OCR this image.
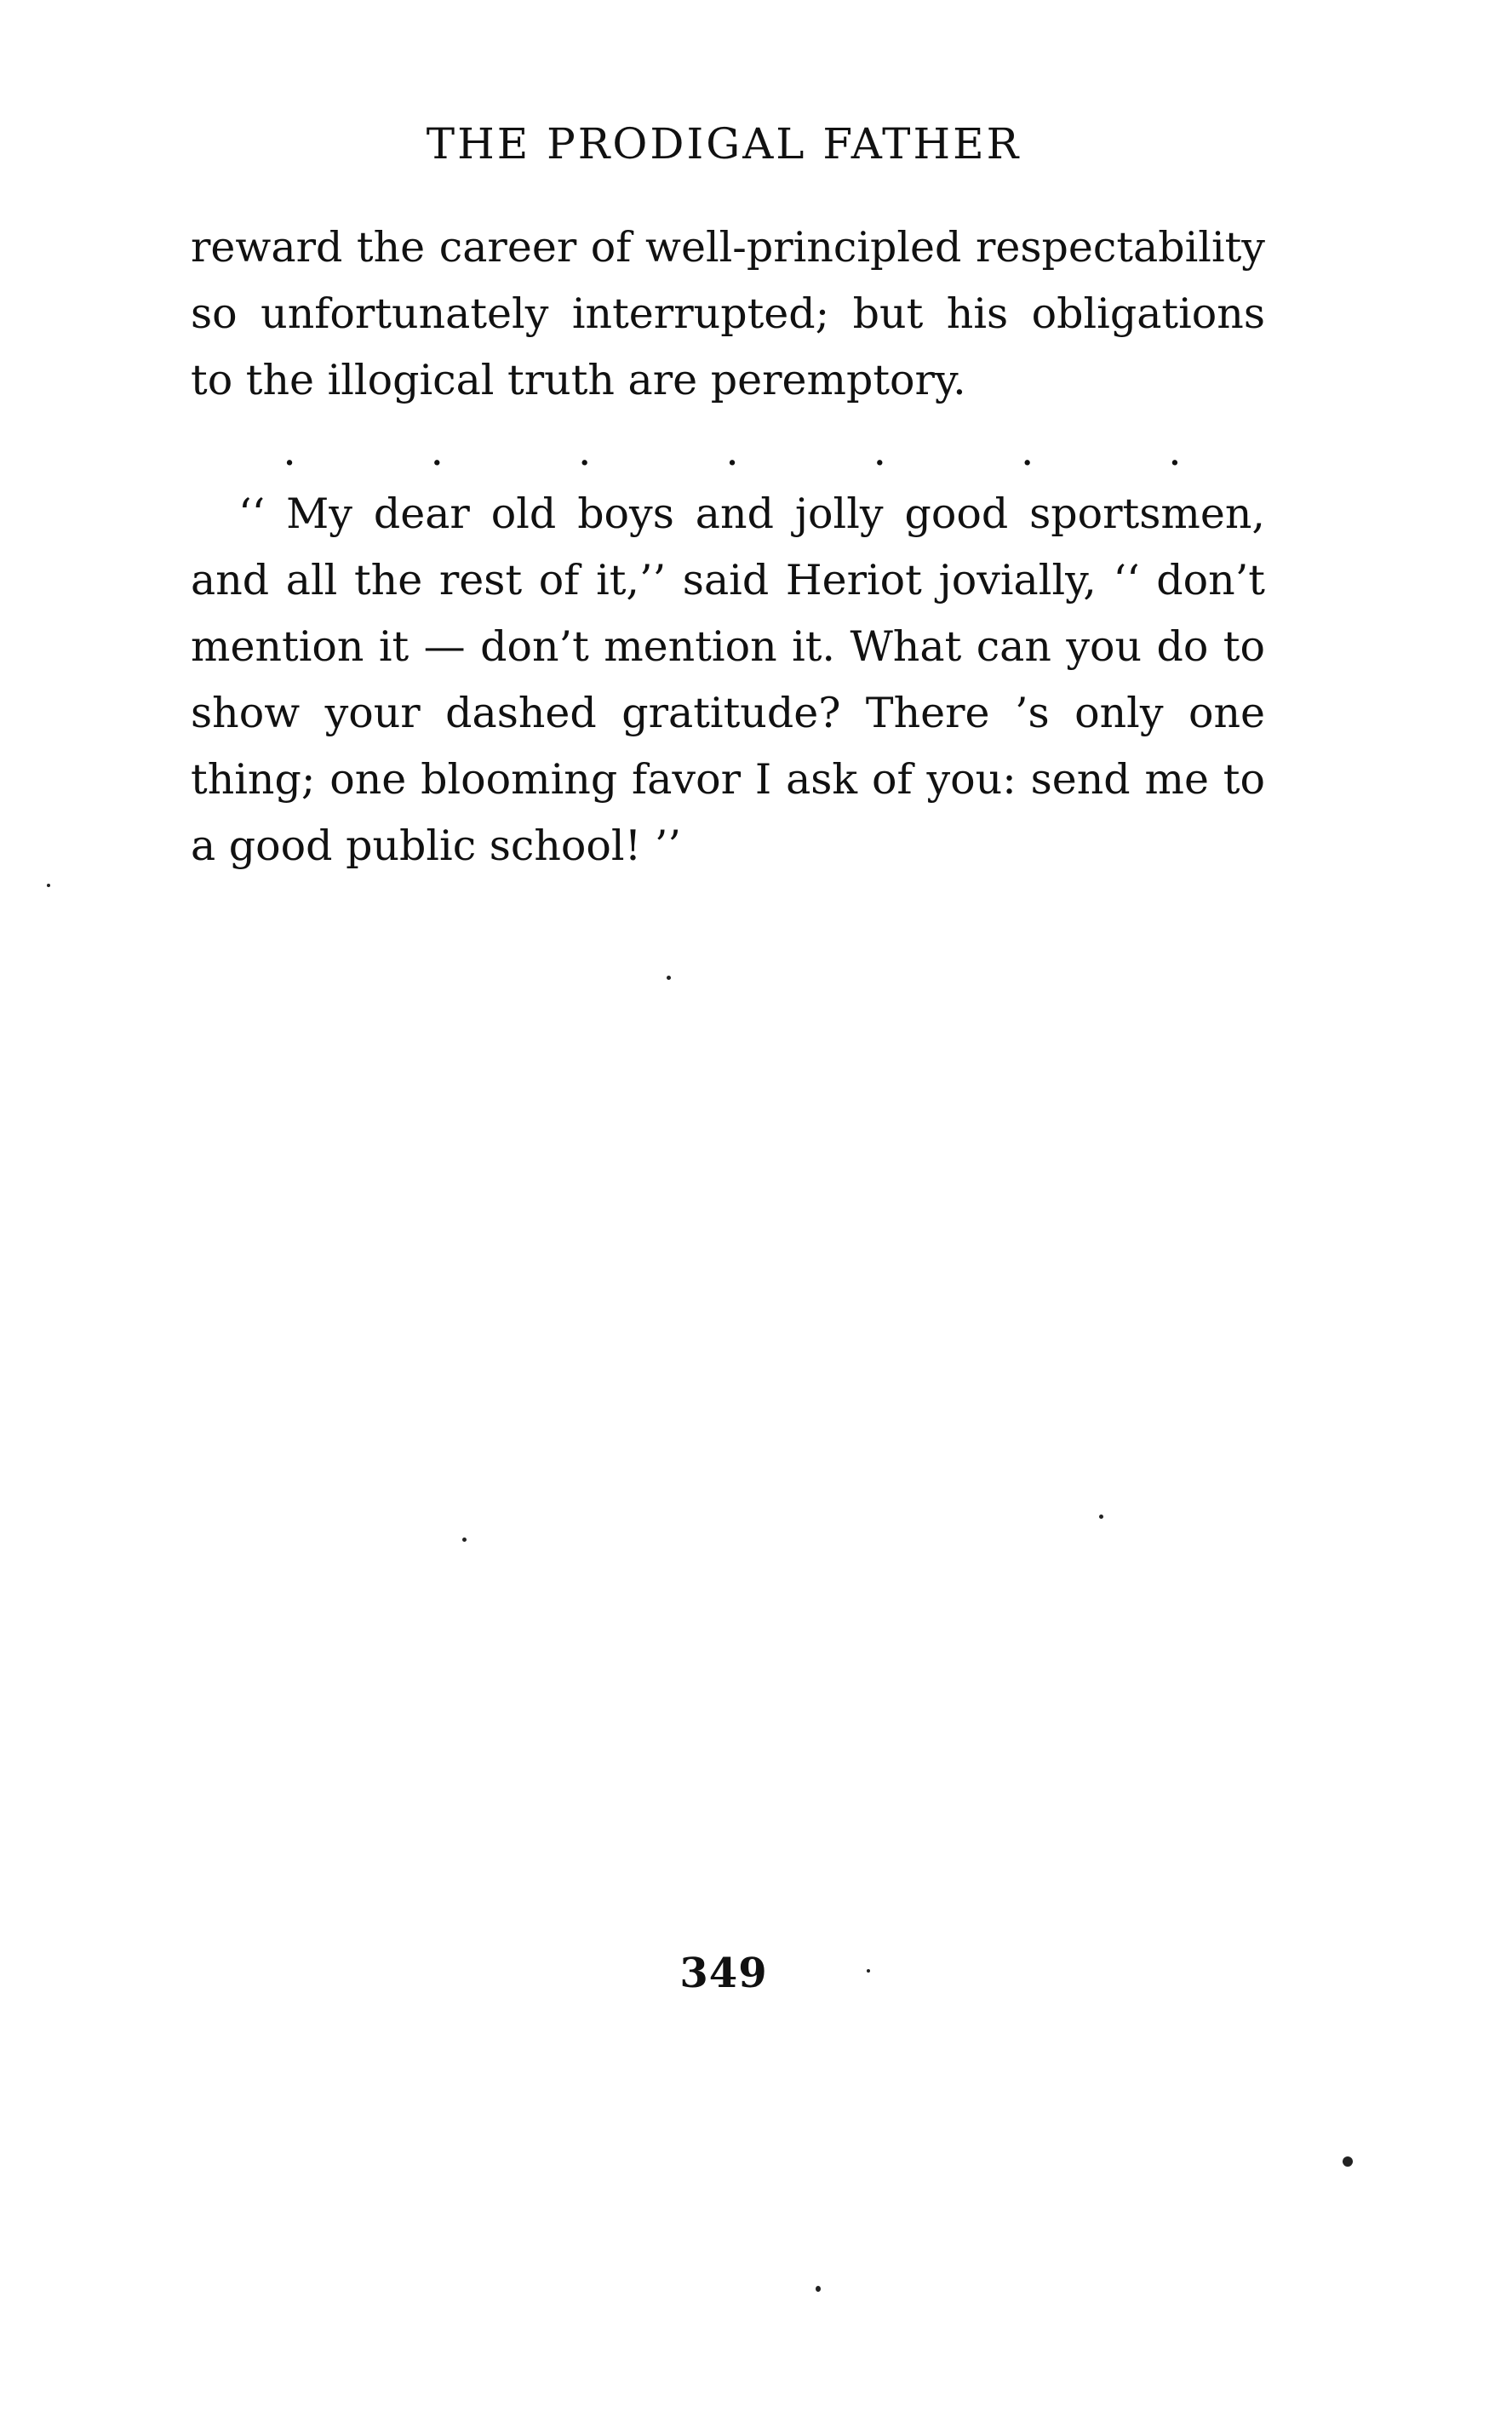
THE PRODIGAL FATHER

reward the career of well-principled respectability so unfortunately interrupted; but his obligations to the illogical truth are peremptory.

.	.	.	.	.	.	.

‘‘ My dear old boys and jolly good sportsmen, and all the rest of it,’’ said Heriot jovially, ‘‘ don’t mention it — don’t mention it. What can you do to show your dashed gratitude? There ’s only one thing; one blooming favor I ask of you: send me to a good public school! ’’

349
